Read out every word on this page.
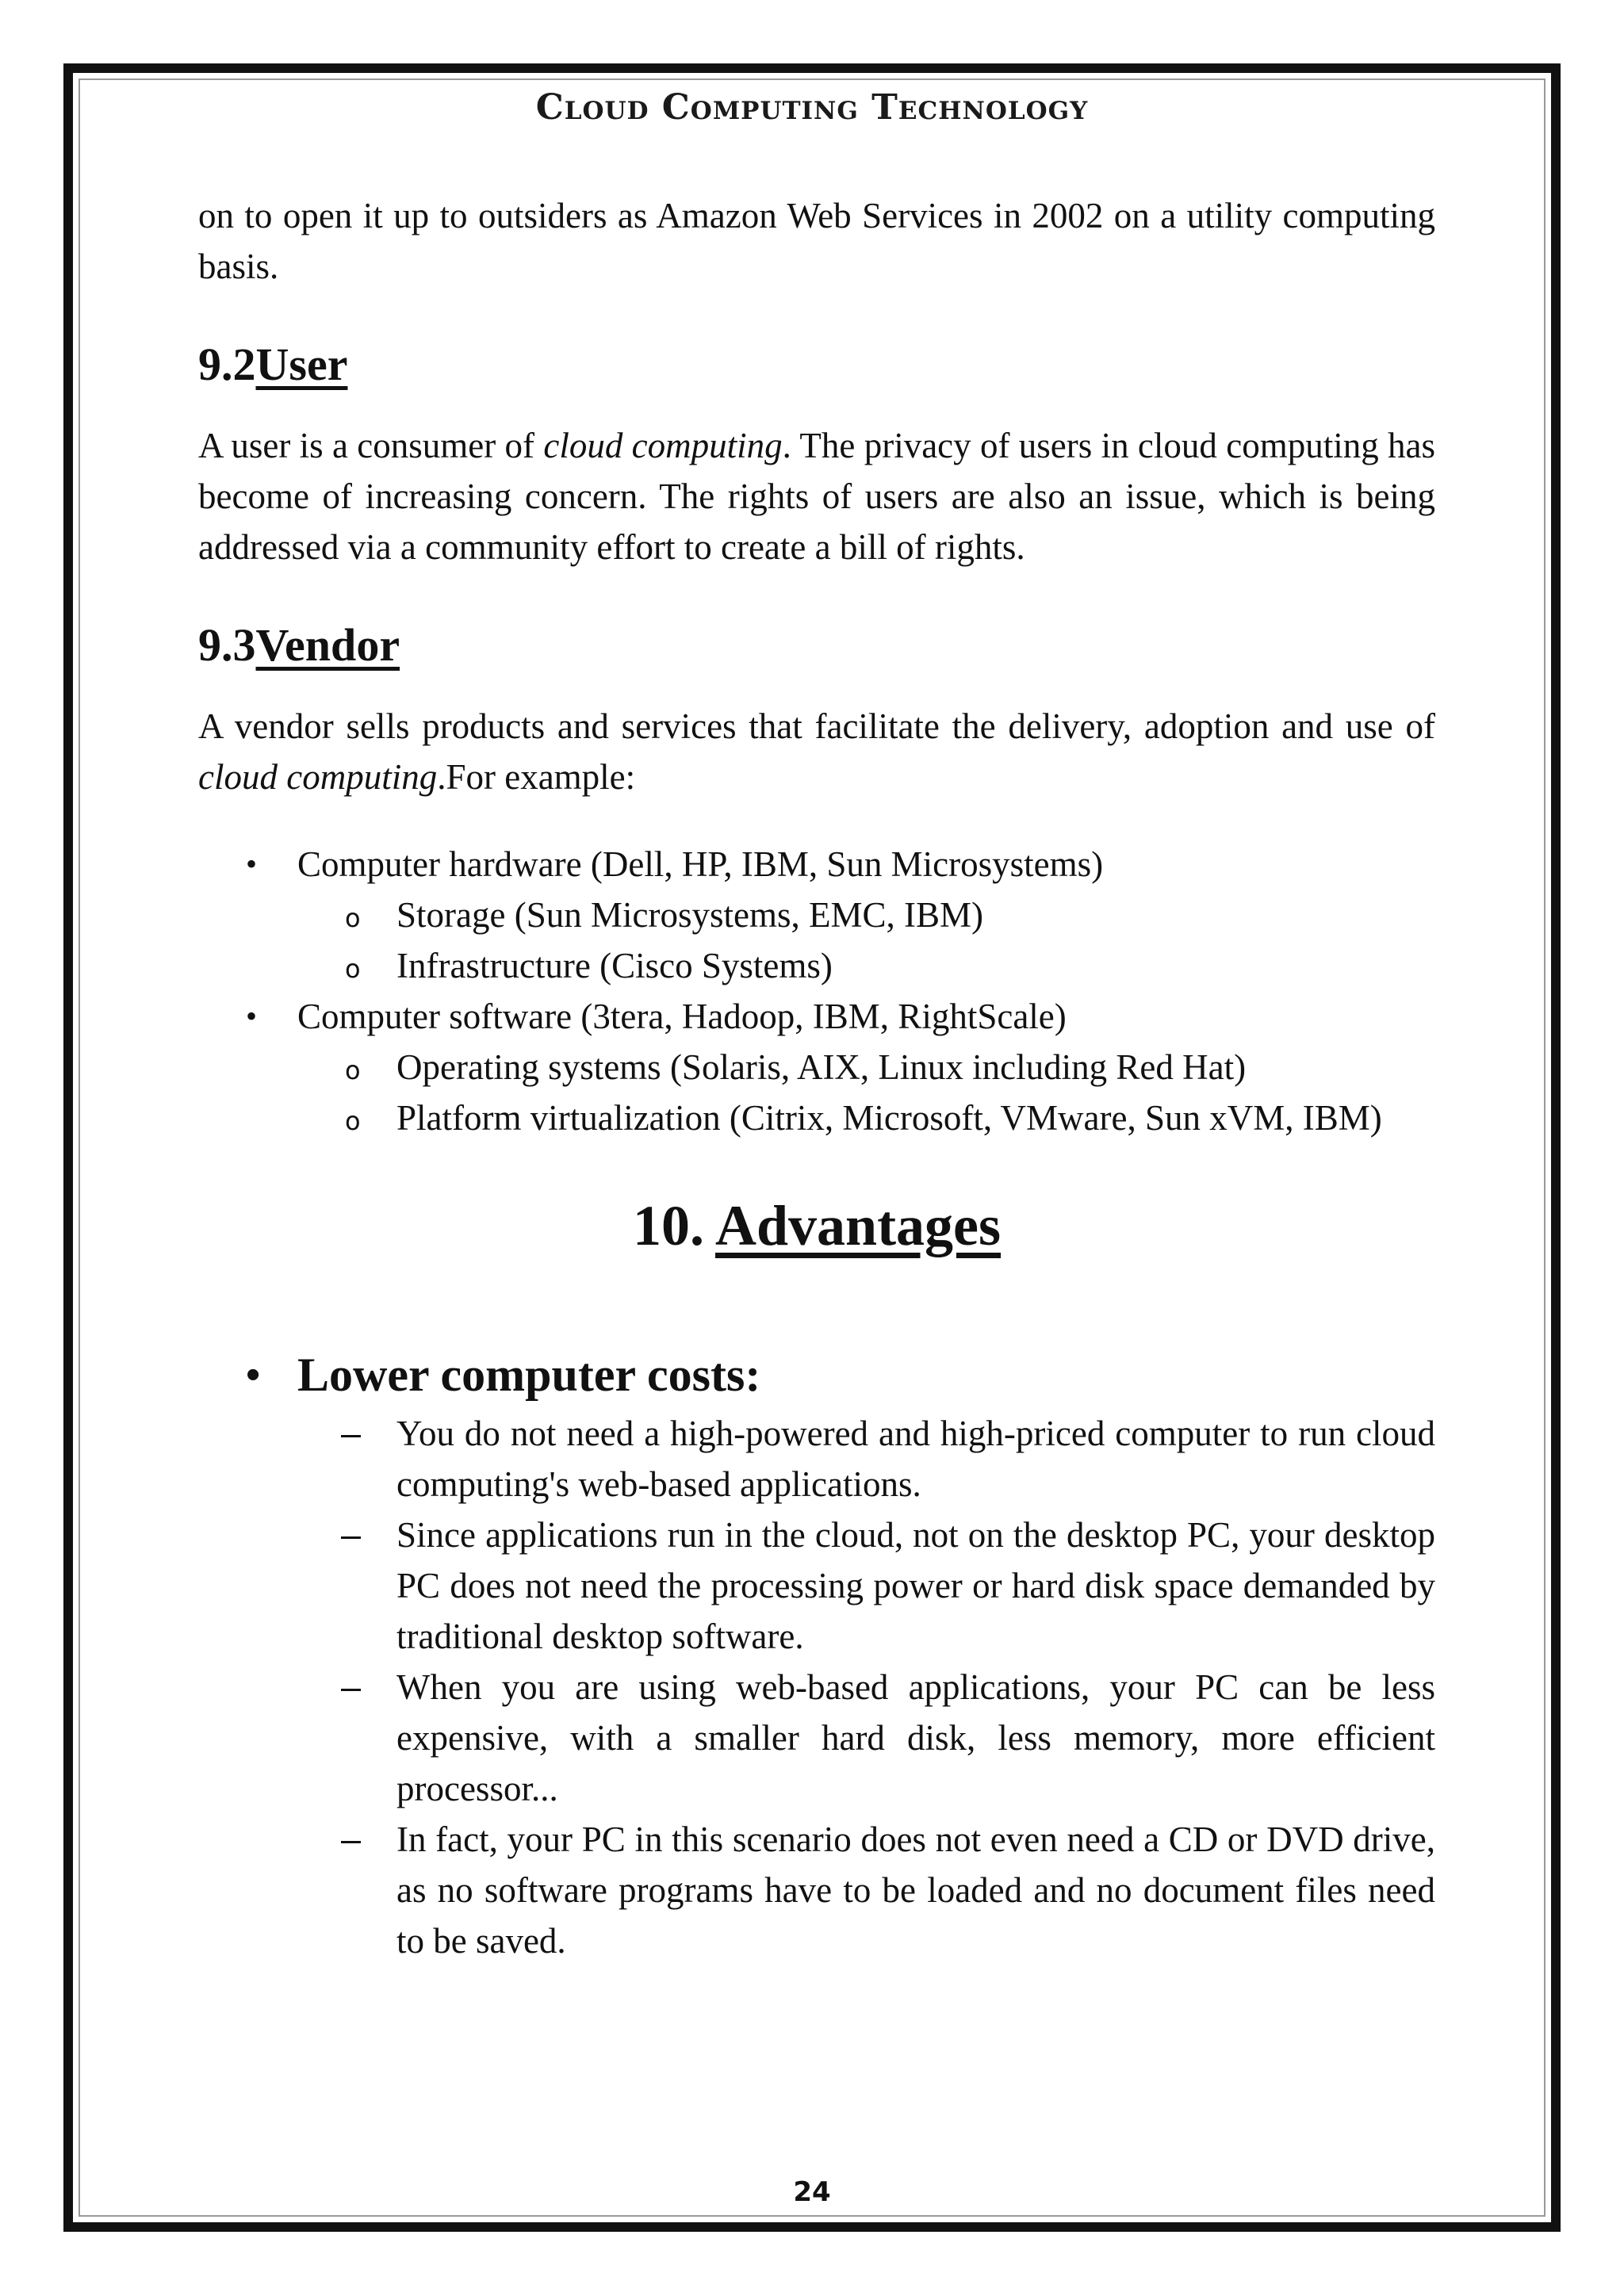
Cloud Computing Technology

on to open it up to outsiders as Amazon Web Services in 2002 on a utility computing basis.

9.2User

A user is a consumer of cloud computing. The privacy of users in cloud computing has become of increasing concern. The rights of users are also an issue, which is being addressed via a community effort to create a bill of rights.

9.3Vendor

A vendor sells products and services that facilitate the delivery, adoption and use of cloud computing.For example:

• Computer hardware (Dell, HP, IBM, Sun Microsystems)
o Storage (Sun Microsystems, EMC, IBM)
o Infrastructure (Cisco Systems)
• Computer software (3tera, Hadoop, IBM, RightScale)
o Operating systems (Solaris, AIX, Linux including Red Hat)
o Platform virtualization (Citrix, Microsoft, VMware, Sun xVM, IBM)
10. Advantages
• Lower computer costs:
– You do not need a high-powered and high-priced computer to run cloud computing's web-based applications.
– Since applications run in the cloud, not on the desktop PC, your desktop PC does not need the processing power or hard disk space demanded by traditional desktop software.
– When you are using web-based applications, your PC can be less expensive, with a smaller hard disk, less memory, more efficient processor...
– In fact, your PC in this scenario does not even need a CD or DVD drive, as no software programs have to be loaded and no document files need to be saved.
24
